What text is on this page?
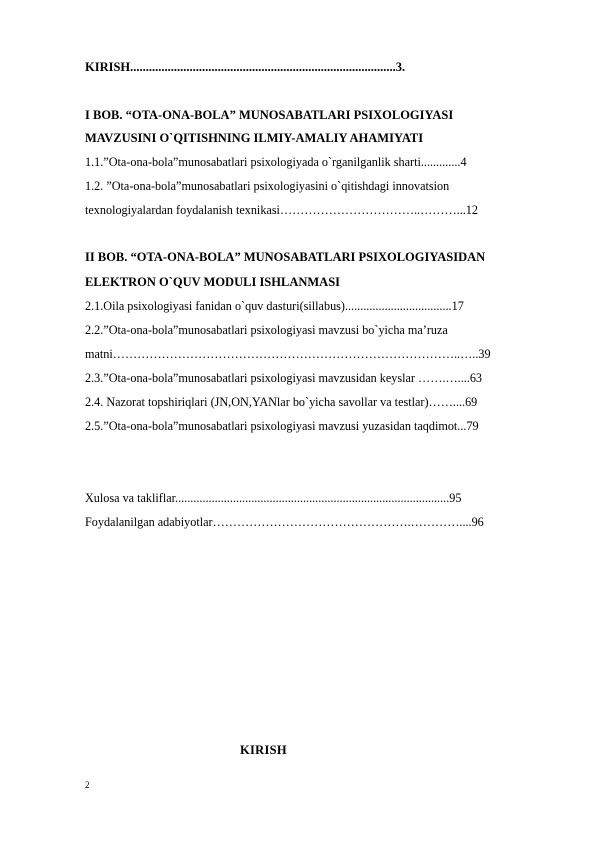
KIRISH.....................................................................................3.
I BOB. “OTA-ONA-BOLA” MUNOSABATLARI PSIXOLOGIYASI
MAVZUSINI O`QITISHNING ILMIY-AMALIY AHAMIYATI
1.1.”Ota-ona-bola”munosabatlari psixologiyada o`rganilganlik sharti.............4
1.2. ”Ota-ona-bola”munosabatlari psixologiyasini o`qitishdagi innovatsion
texnologiyalardan foydalanish texnikasi……………………………..………...12
II BOB. “OTA-ONA-BOLA” MUNOSABATLARI PSIXOLOGIYASIDAN
ELEKTRON O`QUV MODULI ISHLANMASI
2.1.Oila psixologiyasi fanidan o`quv dasturi(sillabus)...................................17
2.2.”Ota-ona-bola”munosabatlari psixologiyasi mavzusi bo`yicha ma’ruza
matni…………………………………………………………………………..…..39
2.3.”Ota-ona-bola”munosabatlari psixologiyasi mavzusidan keyslar …….…....63
2.4. Nazorat topshiriqlari (JN,ON,YANlar bo`yicha savollar va testlar)……....69
2.5.”Ota-ona-bola”munosabatlari psixologiyasi mavzusi yuzasidan taqdimot...79
Xulosa va takliflar..........................................................................................95
Foydalanilgan adabiyotlar………………………………………….…………....96
KIRISH
2
